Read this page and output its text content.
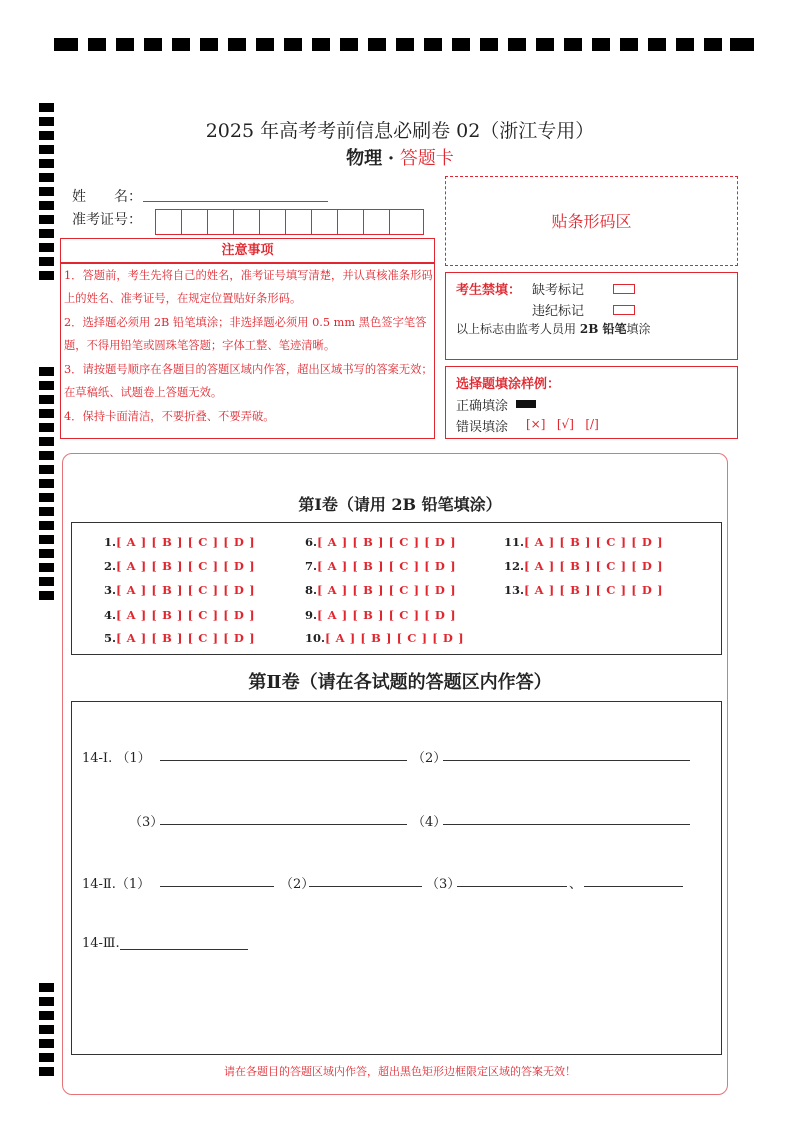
2025 年高考考前信息必刷卷 02（浙江专用）
物理 · 答题卡
姓　　名：
准考证号：	贴条形码区
注意事项
1．答题前，考生先将自己的姓名，准考证号填写清楚，并认真核准条形码上的姓名、准考证号，在规定位置贴好条形码。
2．选择题必须用 2B 铅笔填涂；非选择题必须用 0.5 mm 黑色签字笔答题，不得用铅笔或圆珠笔答题；字体工整、笔迹清晰。
3．请按题号顺序在各题目的答题区域内作答，超出区域书写的答案无效；在草稿纸、试题卷上答题无效。
4．保持卡面清洁，不要折叠、不要弄破。
考生禁填： 缺考标记
违纪标记
以上标志由监考人员用 2B 铅笔填涂
选择题填涂样例：
正确填涂
错误填涂 [×] [√] [/]
第Ⅰ卷（请用 2B 铅笔填涂）
1.[ A ] [ B ] [ C ] [ D ]
2.[ A ] [ B ] [ C ] [ D ]
3.[ A ] [ B ] [ C ] [ D ]
4.[ A ] [ B ] [ C ] [ D ]
5.[ A ] [ B ] [ C ] [ D ]
6.[ A ] [ B ] [ C ] [ D ]
7.[ A ] [ B ] [ C ] [ D ]
8.[ A ] [ B ] [ C ] [ D ]
9.[ A ] [ B ] [ C ] [ D ]
10.[ A ] [ B ] [ C ] [ D ]
11.[ A ] [ B ] [ C ] [ D ]
12.[ A ] [ B ] [ C ] [ D ]
13.[ A ] [ B ] [ C ] [ D ]
第Ⅱ卷（请在各试题的答题区内作答）
14-Ⅰ. （1）	（2）
（3）	（4）
14-Ⅱ.（1）	（2）	（3）	、
14-Ⅲ.
请在各题目的答题区域内作答，超出黑色矩形边框限定区域的答案无效！
